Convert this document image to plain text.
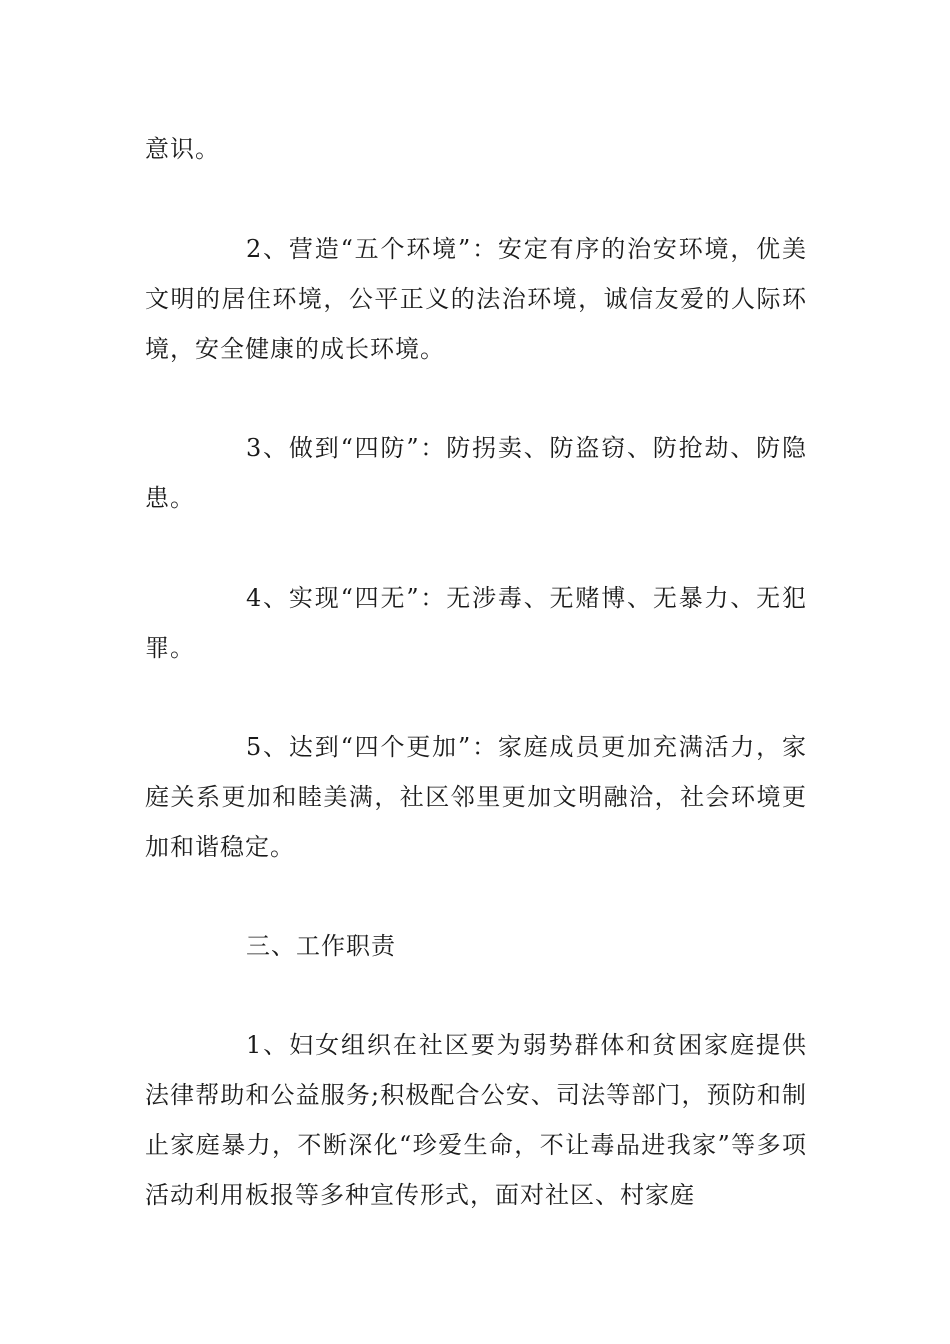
意识。

2、营造“五个环境”：安定有序的治安环境，优美文明的居住环境，公平正义的法治环境，诚信友爱的人际环境，安全健康的成长环境。

3、做到“四防”：防拐卖、防盗窃、防抢劫、防隐患。

4、实现“四无”：无涉毒、无赌博、无暴力、无犯罪。

5、达到“四个更加”：家庭成员更加充满活力，家庭关系更加和睦美满，社区邻里更加文明融洽，社会环境更加和谐稳定。

三、工作职责

1、妇女组织在社区要为弱势群体和贫困家庭提供法律帮助和公益服务;积极配合公安、司法等部门，预防和制止家庭暴力，不断深化“珍爱生命，不让毒品进我家”等多项活动利用板报等多种宣传形式，面对社区、村家庭
